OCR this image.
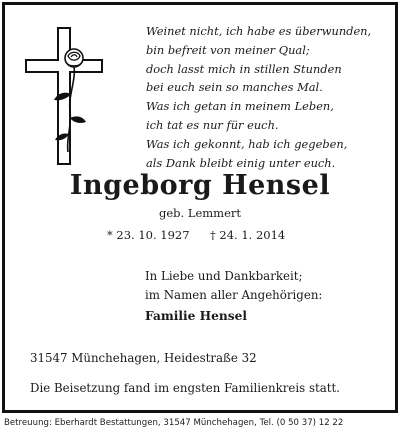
Weinet nicht, ich habe es überwunden,
bin befreit von meiner Qual;
doch lasst mich in stillen Stunden
bei euch sein so manches Mal.
Was ich getan in meinem Leben,
ich tat es nur für euch.
Was ich gekonnt, hab ich gegeben,
als Dank bleibt einig unter euch.
Ingeborg Hensel
geb. Lemmert
* 23. 10. 1927 † 24. 1. 2014
In Liebe und Dankbarkeit;
im Namen aller Angehörigen:
Familie Hensel
31547 Münchehagen, Heidestraße 32
Die Beisetzung fand im engsten Familienkreis statt.
Betreuung: Eberhardt Bestattungen, 31547 Münchehagen, Tel. (0 50 37) 12 22
